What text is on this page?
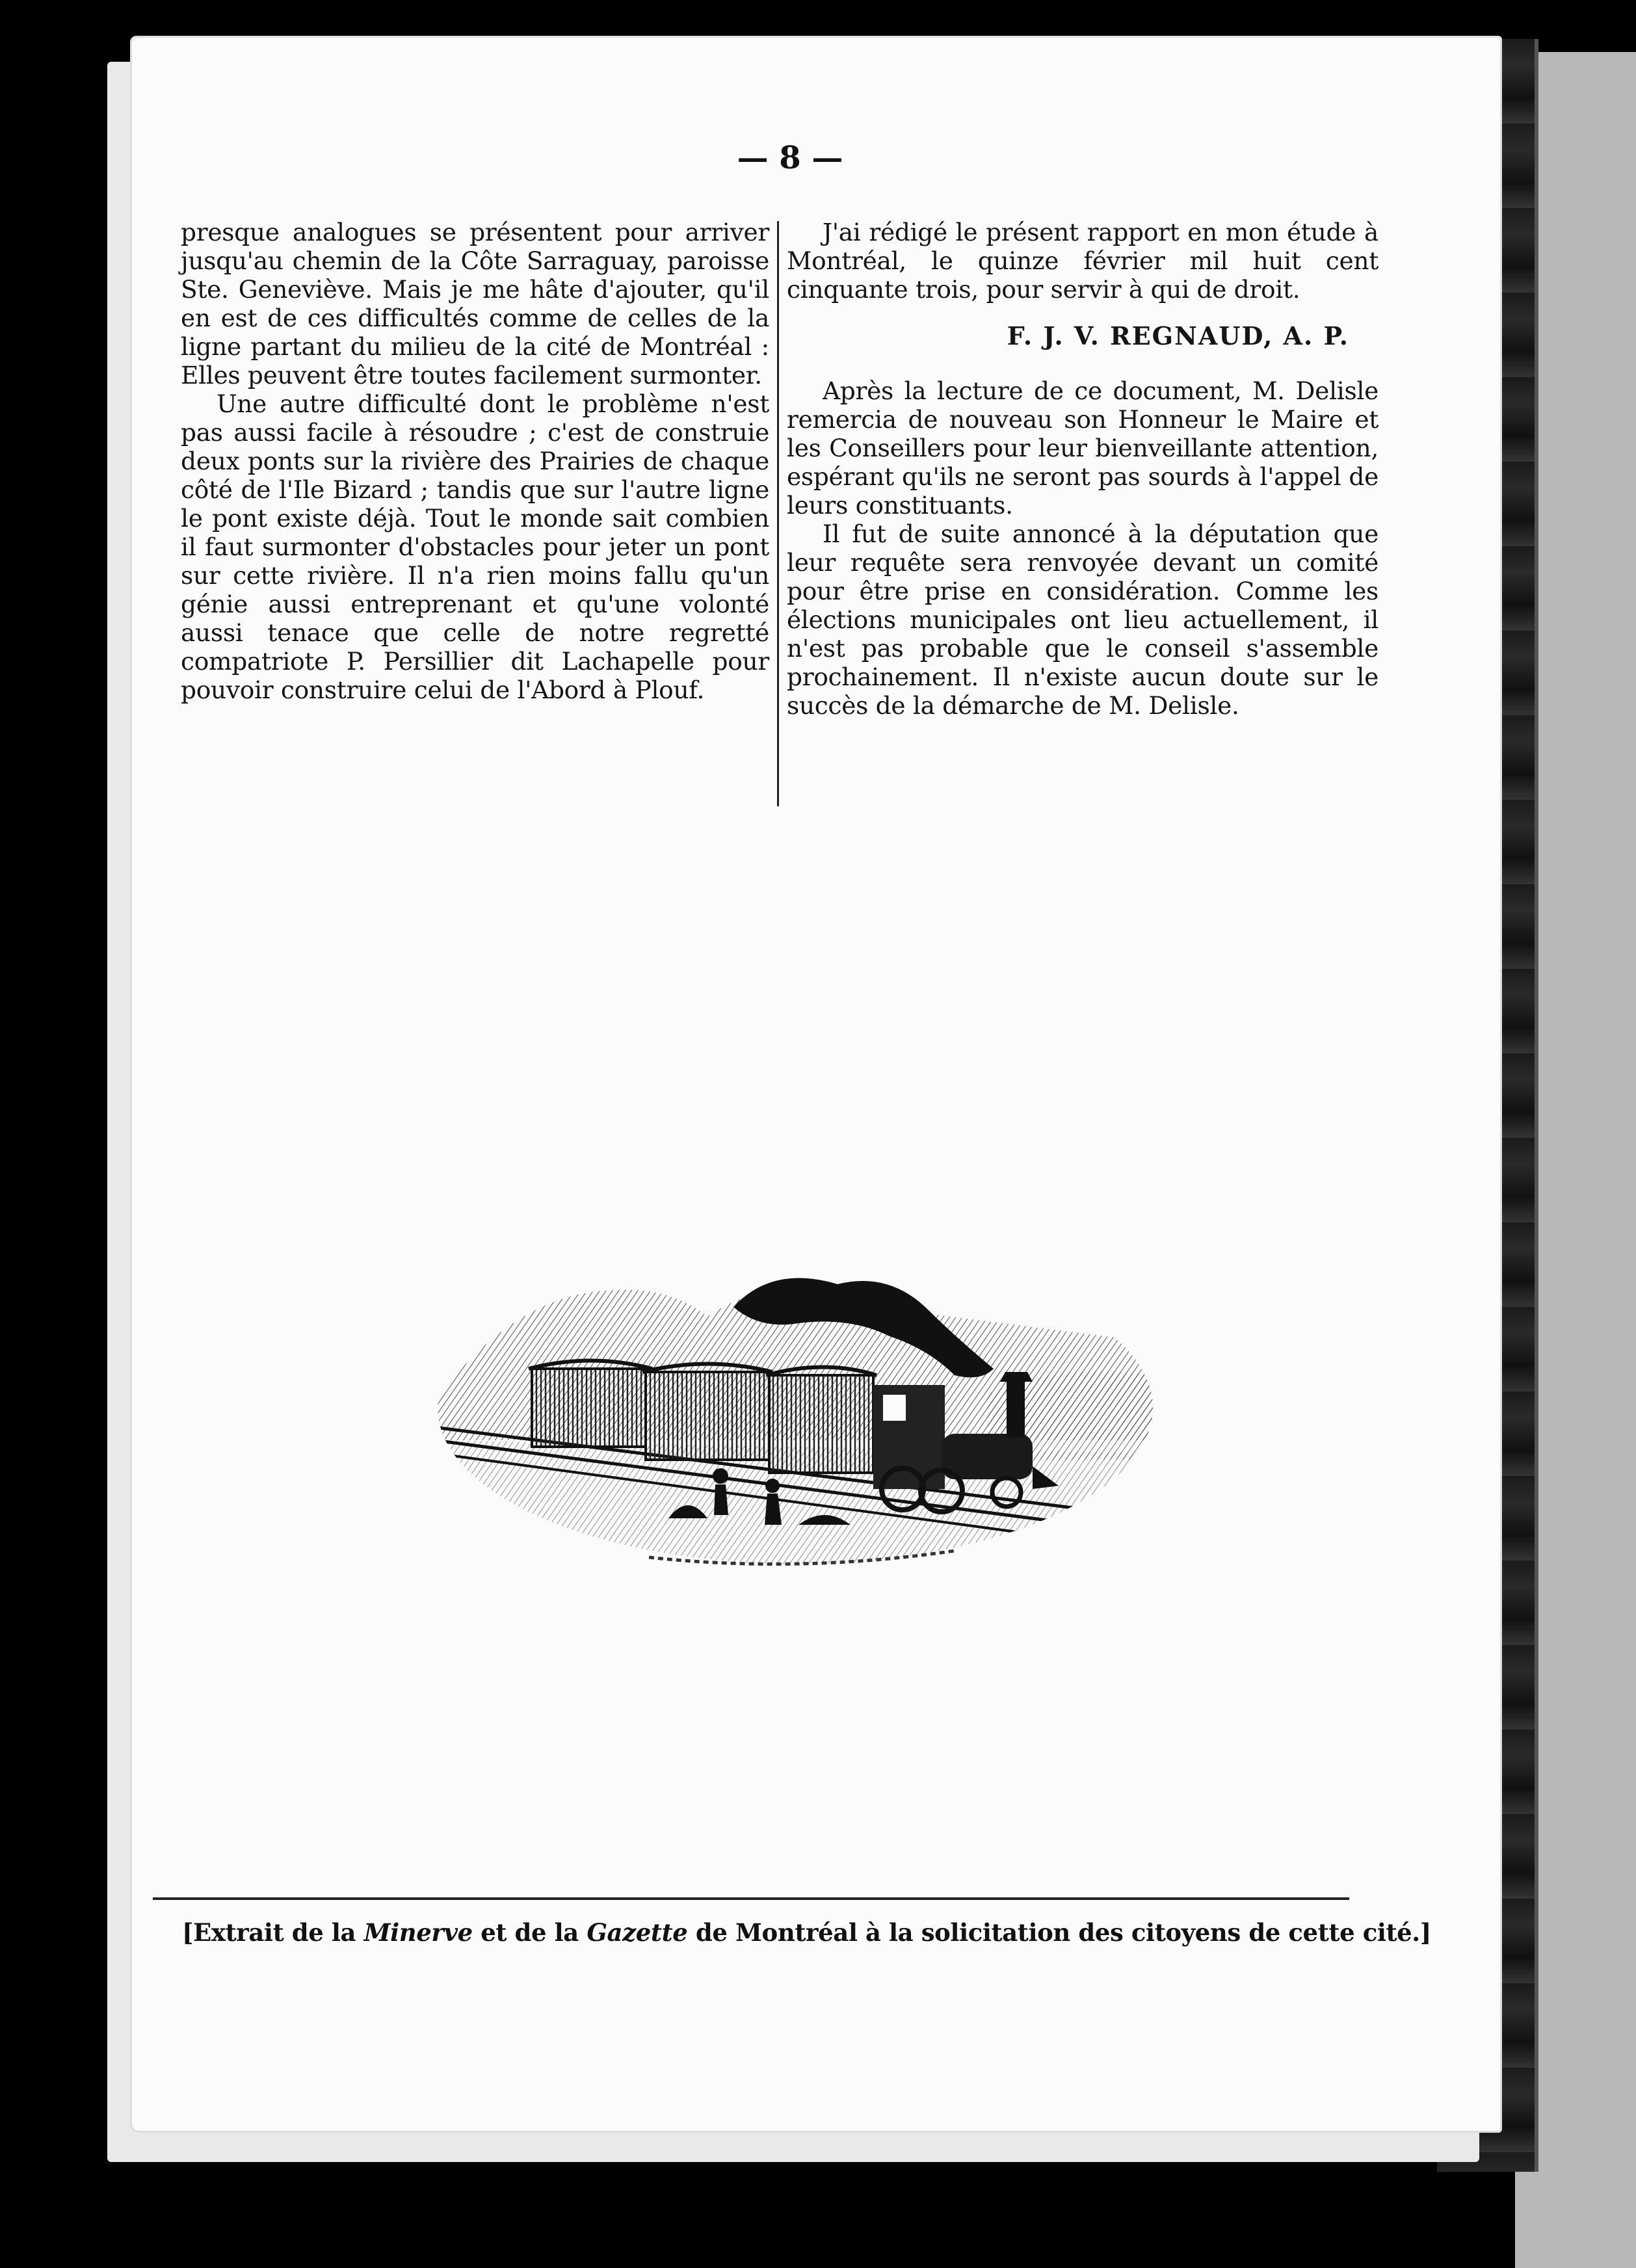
— 8 —

presque analogues se présentent pour arriver jusqu'au chemin de la Côte Sarraguay, paroisse Ste. Geneviève. Mais je me hâte d'ajouter, qu'il en est de ces difficultés comme de celles de la ligne partant du milieu de la cité de Montréal : Elles peuvent être toutes facilement surmonter.

Une autre difficulté dont le problème n'est pas aussi facile à résoudre ; c'est de construie deux ponts sur la rivière des Prairies de chaque côté de l'Ile Bizard ; tandis que sur l'autre ligne le pont existe déjà. Tout le monde sait combien il faut surmonter d'obstacles pour jeter un pont sur cette rivière. Il n'a rien moins fallu qu'un génie aussi entreprenant et qu'une volonté aussi tenace que celle de notre regretté compatriote P. Persillier dit Lachapelle pour pouvoir construire celui de l'Abord à Plouf.

J'ai rédigé le présent rapport en mon étude à Montréal, le quinze février mil huit cent cinquante trois, pour servir à qui de droit.

F. J. V. REGNAUD, A. P.

Après la lecture de ce document, M. Delisle remercia de nouveau son Honneur le Maire et les Conseillers pour leur bienveillante attention, espérant qu'ils ne seront pas sourds à l'appel de leurs constituants.

Il fut de suite annoncé à la députation que leur requête sera renvoyée devant un comité pour être prise en considération. Comme les élections municipales ont lieu actuellement, il n'est pas probable que le conseil s'assemble prochainement. Il n'existe aucun doute sur le succès de la démarche de M. Delisle.

[Extrait de la Minerve et de la Gazette de Montréal à la solicitation des citoyens de cette cité.]
